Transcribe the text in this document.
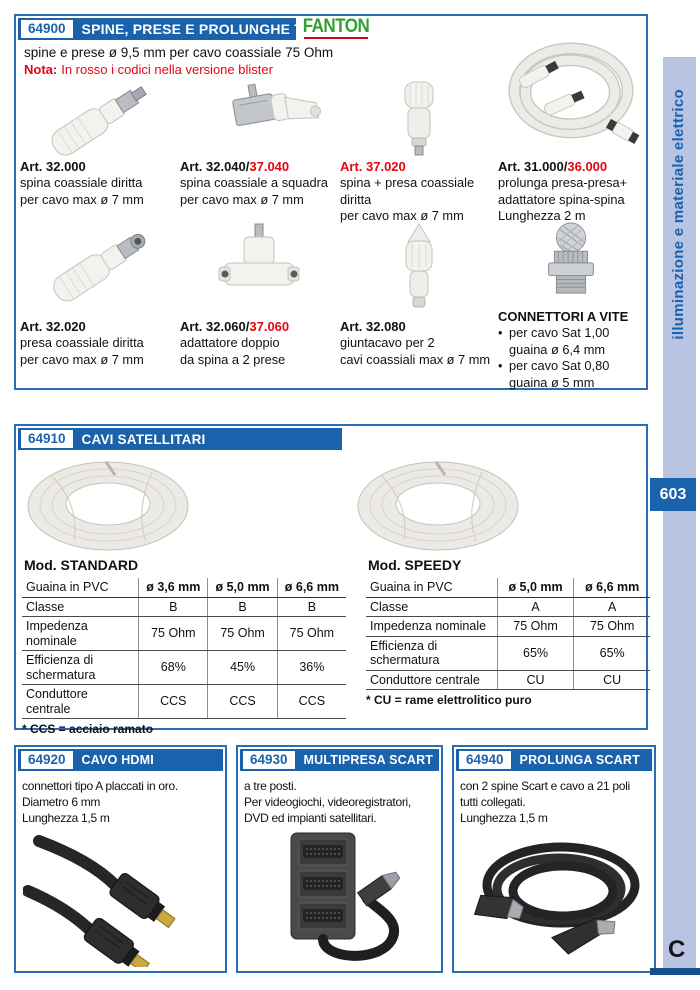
64900	SPINE, PRESE E PROLUNGHE TV
FANTON

spine e prese ø 9,5 mm per cavo coassiale 75 Ohm

Nota: In rosso i codici nella versione blister

Art. 32.000
spina coassiale diritta
per cavo max ø 7 mm
Art. 32.040/37.040
spina coassiale a squadra
per cavo max ø 7 mm
Art. 37.020
spina + presa coassiale
diritta
per cavo max ø 7 mm
Art. 31.000/36.000
prolunga presa-presa+
adattatore spina-spina
Lunghezza 2 m
Art. 32.020
presa coassiale diritta
per cavo max ø 7 mm
Art. 32.060/37.060
adattatore doppio
da spina a 2 prese
Art. 32.080
giuntacavo per 2
cavi coassiali max ø 7 mm
CONNETTORI A VITE
• per cavo Sat 1,00
guaina ø 6,4 mm
• per cavo Sat 0,80
guaina ø 5 mm
64910	CAVI SATELLITARI
Mod. STANDARD	Mod. SPEEDY
Guaina in PVC	ø 3,6 mm	ø 5,0 mm	ø 6,6 mm
Classe	B	B	B
Impedenza nominale	75 Ohm	75 Ohm	75 Ohm
Efficienza di schermatura	68%	45%	36%
Conduttore centrale	CCS	CCS	CCS
* CCS = acciaio ramato
Guaina in PVC	ø 5,0 mm	ø 6,6 mm
Classe	A	A
Impedenza nominale	75 Ohm	75 Ohm
Efficienza di schermatura	65%	65%
Conduttore centrale	CU	CU
* CU = rame elettrolitico puro
64920	CAVO HDMI
connettori tipo A placcati in oro.
Diametro 6 mm
Lunghezza 1,5 m
64930	MULTIPRESA SCART
a tre posti.
Per videogiochi, videoregistratori,
DVD ed impianti satellitari.
64940	PROLUNGA SCART
con 2 spine Scart e cavo a 21 poli
tutti collegati.
Lunghezza 1,5 m
illuminazione e materiale elettrico
603
C
